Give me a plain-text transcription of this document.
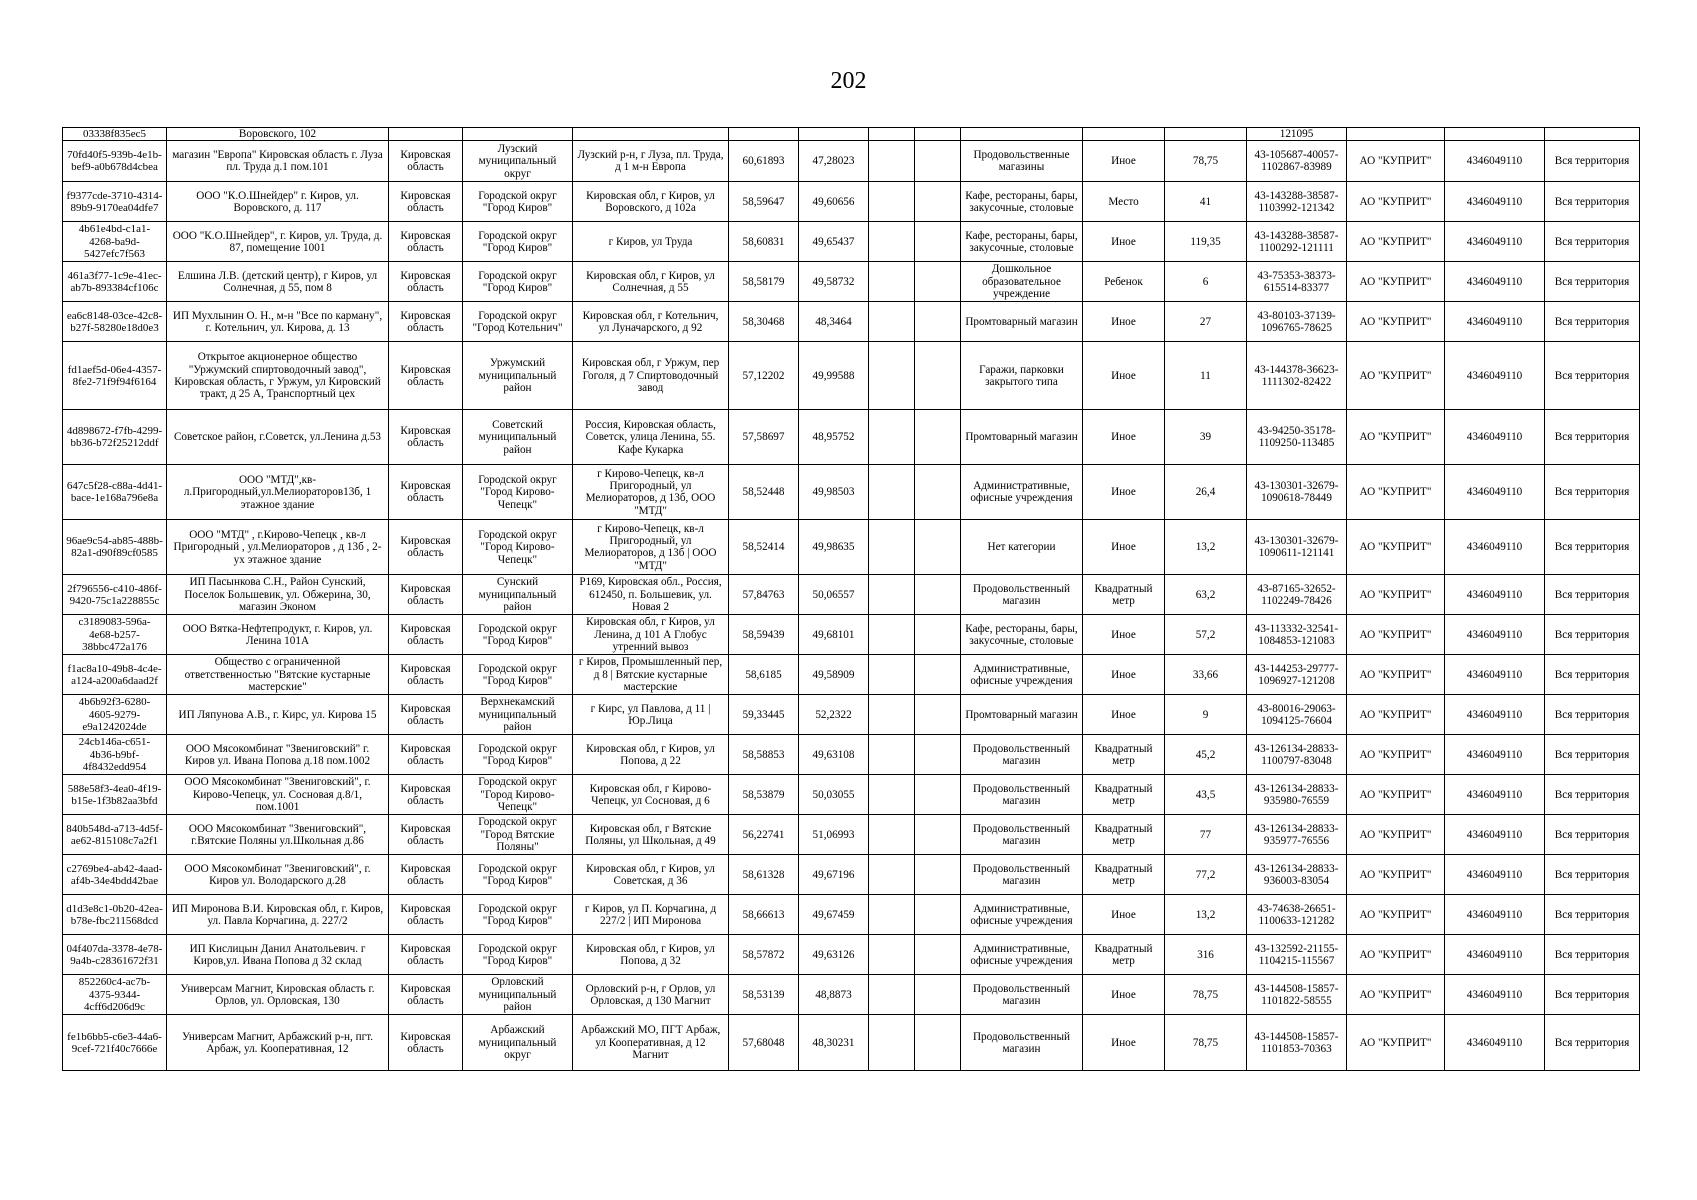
202
03338f835ec5	Воровского, 102											121095			
70fd40f5-939b-4e1b-bef9-a0b678d4cbea	магазин "Европа" Кировская область г. Луза пл. Труда д.1 пом.101	Кировская область	Лузский муниципальный округ	Лузский р-н, г Луза, пл. Труда, д 1 м-н Европа	60,61893	47,28023			Продовольственные магазины	Иное	78,75	43-105687-40057-1102867-83989	АО "КУПРИТ"	4346049110	Вся территория
f9377cde-3710-4314-89b9-9170ea04dfe7	ООО "К.О.Шнейдер" г. Киров, ул. Воровского, д. 117	Кировская область	Городской округ "Город Киров"	Кировская обл, г Киров, ул Воровского, д 102а	58,59647	49,60656			Кафе, рестораны, бары, закусочные, столовые	Место	41	43-143288-38587-1103992-121342	АО "КУПРИТ"	4346049110	Вся территория
4b61e4bd-c1a1-4268-ba9d-5427efc7f563	ООО "К.О.Шнейдер", г. Киров, ул. Труда, д. 87, помещение 1001	Кировская область	Городской округ "Город Киров"	г Киров, ул Труда	58,60831	49,65437			Кафе, рестораны, бары, закусочные, столовые	Иное	119,35	43-143288-38587-1100292-121111	АО "КУПРИТ"	4346049110	Вся территория
461a3f77-1c9e-41ec-ab7b-893384cf106c	Елшина Л.В. (детский центр), г Киров, ул Солнечная, д 55, пом 8	Кировская область	Городской округ "Город Киров"	Кировская обл, г Киров, ул Солнечная, д 55	58,58179	49,58732			Дошкольное образовательное учреждение	Ребенок	6	43-75353-38373-615514-83377	АО "КУПРИТ"	4346049110	Вся территория
ea6c8148-03ce-42c8-b27f-58280e18d0e3	ИП Мухлынин О. Н., м-н "Все по карману", г. Котельнич, ул. Кирова, д. 13	Кировская область	Городской округ "Город Котельнич"	Кировская обл, г Котельнич, ул Луначарского, д 92	58,30468	48,3464			Промтоварный магазин	Иное	27	43-80103-37139-1096765-78625	АО "КУПРИТ"	4346049110	Вся территория
fd1aef5d-06e4-4357-8fe2-71f9f94f6164	Открытое акционерное общество "Уржумский спиртоводочный завод", Кировская область, г Уржум, ул Кировский тракт, д 25 А, Транспортный цех	Кировская область	Уржумский муниципальный район	Кировская обл, г Уржум, пер Гоголя, д 7 Спиртоводочный завод	57,12202	49,99588			Гаражи, парковки закрытого типа	Иное	11	43-144378-36623-1111302-82422	АО "КУПРИТ"	4346049110	Вся территория
4d898672-f7fb-4299-bb36-b72f25212ddf	Советское район, г.Советск, ул.Ленина д.53	Кировская область	Советский муниципальный район	Россия, Кировская область, Советск, улица Ленина, 55. Кафе Кукарка	57,58697	48,95752			Промтоварный магазин	Иное	39	43-94250-35178-1109250-113485	АО "КУПРИТ"	4346049110	Вся территория
647c5f28-c88a-4d41-bace-1e168a796e8a	ООО "МТД",кв-л.Пригородный,ул.Мелиораторов13б, 1 этажное здание	Кировская область	Городской округ "Город Кирово-Чепецк"	г Кирово-Чепецк, кв-л Пригородный, ул Мелиораторов, д 13б, ООО "МТД"	58,52448	49,98503			Административные, офисные учреждения	Иное	26,4	43-130301-32679-1090618-78449	АО "КУПРИТ"	4346049110	Вся территория
96ae9c54-ab85-488b-82a1-d90f89cf0585	ООО "МТД" , г.Кирово-Чепецк , кв-л Пригородный , ул.Мелиораторов , д 13б , 2-ух этажное здание	Кировская область	Городской округ "Город Кирово-Чепецк"	г Кирово-Чепецк, кв-л Пригородный, ул Мелиораторов, д 13б | ООО "МТД"	58,52414	49,98635			Нет категории	Иное	13,2	43-130301-32679-1090611-121141	АО "КУПРИТ"	4346049110	Вся территория
2f796556-c410-486f-9420-75c1a228855c	ИП Пасынкова С.Н., Район Сунский, Поселок Большевик, ул. Обжерина, 30, магазин Эконом	Кировская область	Сунский муниципальный район	Р169, Кировская обл., Россия, 612450, п. Большевик, ул. Новая 2	57,84763	50,06557			Продовольственный магазин	Квадратный метр	63,2	43-87165-32652-1102249-78426	АО "КУПРИТ"	4346049110	Вся территория
c3189083-596a-4e68-b257-38bbc472a176	ООО Вятка-Нефтепродукт, г. Киров, ул. Ленина 101А	Кировская область	Городской округ "Город Киров"	Кировская обл, г Киров, ул Ленина, д 101 А Глобус утренний вывоз	58,59439	49,68101			Кафе, рестораны, бары, закусочные, столовые	Иное	57,2	43-113332-32541-1084853-121083	АО "КУПРИТ"	4346049110	Вся территория
f1ac8a10-49b8-4c4e-a124-a200a6daad2f	Общество с ограниченной ответственностью "Вятские кустарные мастерские"	Кировская область	Городской округ "Город Киров"	г Киров, Промышленный пер, д 8 | Вятские кустарные мастерские	58,6185	49,58909			Административные, офисные учреждения	Иное	33,66	43-144253-29777-1096927-121208	АО "КУПРИТ"	4346049110	Вся территория
4b6b92f3-6280-4605-9279-e9a1242024de	ИП Ляпунова А.В., г. Кирс, ул. Кирова 15	Кировская область	Верхнекамский муниципальный район	г Кирс, ул Павлова, д 11 | Юр.Лица	59,33445	52,2322			Промтоварный магазин	Иное	9	43-80016-29063-1094125-76604	АО "КУПРИТ"	4346049110	Вся территория
24cb146a-c651-4b36-b9bf-4f8432edd954	ООО Мясокомбинат "Звениговский" г. Киров ул. Ивана Попова д.18 пом.1002	Кировская область	Городской округ "Город Киров"	Кировская обл, г Киров, ул Попова, д 22	58,58853	49,63108			Продовольственный магазин	Квадратный метр	45,2	43-126134-28833-1100797-83048	АО "КУПРИТ"	4346049110	Вся территория
588e58f3-4ea0-4f19-b15e-1f3b82aa3bfd	ООО Мясокомбинат "Звениговский", г. Кирово-Чепецк, ул. Сосновая д.8/1, пом.1001	Кировская область	Городской округ "Город Кирово-Чепецк"	Кировская обл, г Кирово-Чепецк, ул Сосновая, д 6	58,53879	50,03055			Продовольственный магазин	Квадратный метр	43,5	43-126134-28833-935980-76559	АО "КУПРИТ"	4346049110	Вся территория
840b548d-a713-4d5f-ae62-815108c7a2f1	ООО Мясокомбинат "Звениговский", г.Вятские Поляны ул.Школьная д.86	Кировская область	Городской округ "Город Вятские Поляны"	Кировская обл, г Вятские Поляны, ул Школьная, д 49	56,22741	51,06993			Продовольственный магазин	Квадратный метр	77	43-126134-28833-935977-76556	АО "КУПРИТ"	4346049110	Вся территория
c2769be4-ab42-4aad-af4b-34e4bdd42bae	ООО Мясокомбинат "Звениговский", г. Киров ул. Володарского д.28	Кировская область	Городской округ "Город Киров"	Кировская обл, г Киров, ул Советская, д 36	58,61328	49,67196			Продовольственный магазин	Квадратный метр	77,2	43-126134-28833-936003-83054	АО "КУПРИТ"	4346049110	Вся территория
d1d3e8c1-0b20-42ea-b78e-fbc211568dcd	ИП Миронова В.И. Кировская обл, г. Киров, ул. Павла Корчагина, д. 227/2	Кировская область	Городской округ "Город Киров"	г Киров, ул П. Корчагина, д 227/2 | ИП Миронова	58,66613	49,67459			Административные, офисные учреждения	Иное	13,2	43-74638-26651-1100633-121282	АО "КУПРИТ"	4346049110	Вся территория
04f407da-3378-4e78-9a4b-c28361672f31	ИП Кислицын Данил Анатольевич. г Киров,ул. Ивана Попова д 32 склад	Кировская область	Городской округ "Город Киров"	Кировская обл, г Киров, ул Попова, д 32	58,57872	49,63126			Административные, офисные учреждения	Квадратный метр	316	43-132592-21155-1104215-115567	АО "КУПРИТ"	4346049110	Вся территория
852260c4-ac7b-4375-9344-4cff6d206d9c	Универсам Магнит, Кировская область г. Орлов, ул. Орловская, 130	Кировская область	Орловский муниципальный район	Орловский р-н, г Орлов, ул Орловская, д 130 Магнит	58,53139	48,8873			Продовольственный магазин	Иное	78,75	43-144508-15857-1101822-58555	АО "КУПРИТ"	4346049110	Вся территория
fe1b6bb5-c6e3-44a6-9cef-721f40c7666e	Универсам Магнит, Арбажский р-н, пгт. Арбаж, ул. Кооперативная, 12	Кировская область	Арбажский муниципальный округ	Арбажский МО, ПГТ Арбаж, ул Кооперативная, д 12 Магнит	57,68048	48,30231			Продовольственный магазин	Иное	78,75	43-144508-15857-1101853-70363	АО "КУПРИТ"	4346049110	Вся территория
